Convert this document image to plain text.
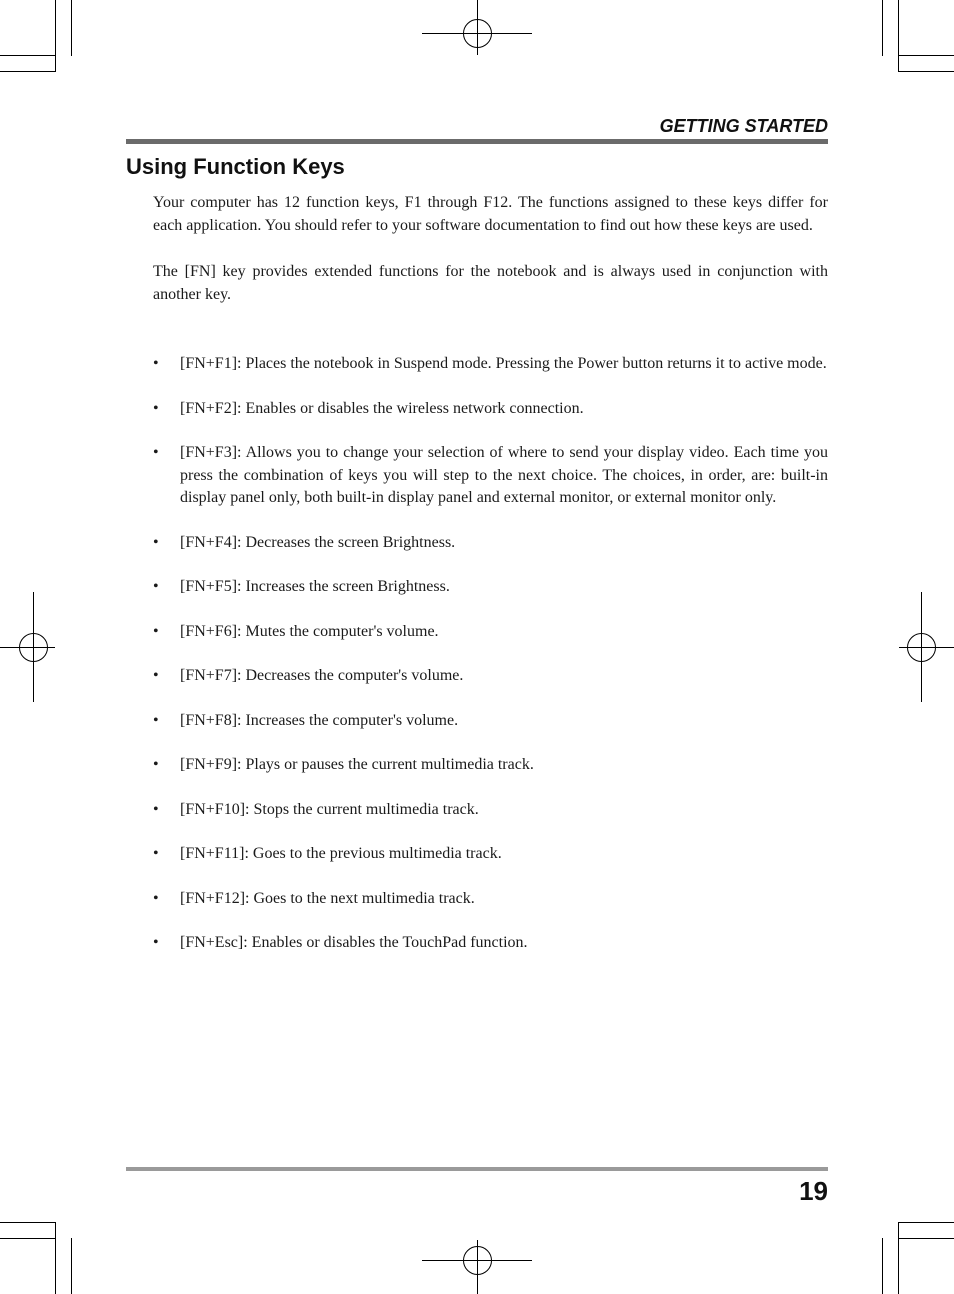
GETTING STARTED
Using Function Keys

Your computer has 12 function keys, F1 through F12. The functions assigned to these keys differ for each application. You should refer to your software documentation to find out how these keys are used.

The [FN] key provides extended functions for the notebook and is always used in conjunction with another key.

• [FN+F1]: Places the notebook in Suspend mode. Pressing the Power button returns it to active mode.
• [FN+F2]: Enables or disables the wireless network connection.
• [FN+F3]: Allows you to change your selection of where to send your display video. Each time you press the combination of keys you will step to the next choice. The choices, in order, are: built-in display panel only, both built-in display panel and external monitor, or external monitor only.
• [FN+F4]: Decreases the screen Brightness.
• [FN+F5]: Increases the screen Brightness.
• [FN+F6]: Mutes the computer's volume.
• [FN+F7]: Decreases the computer's volume.
• [FN+F8]: Increases the computer's volume.
• [FN+F9]: Plays or pauses the current multimedia track.
• [FN+F10]: Stops the current multimedia track.
• [FN+F11]: Goes to the previous multimedia track.
• [FN+F12]: Goes to the next multimedia track.
• [FN+Esc]: Enables or disables the TouchPad function.
19
